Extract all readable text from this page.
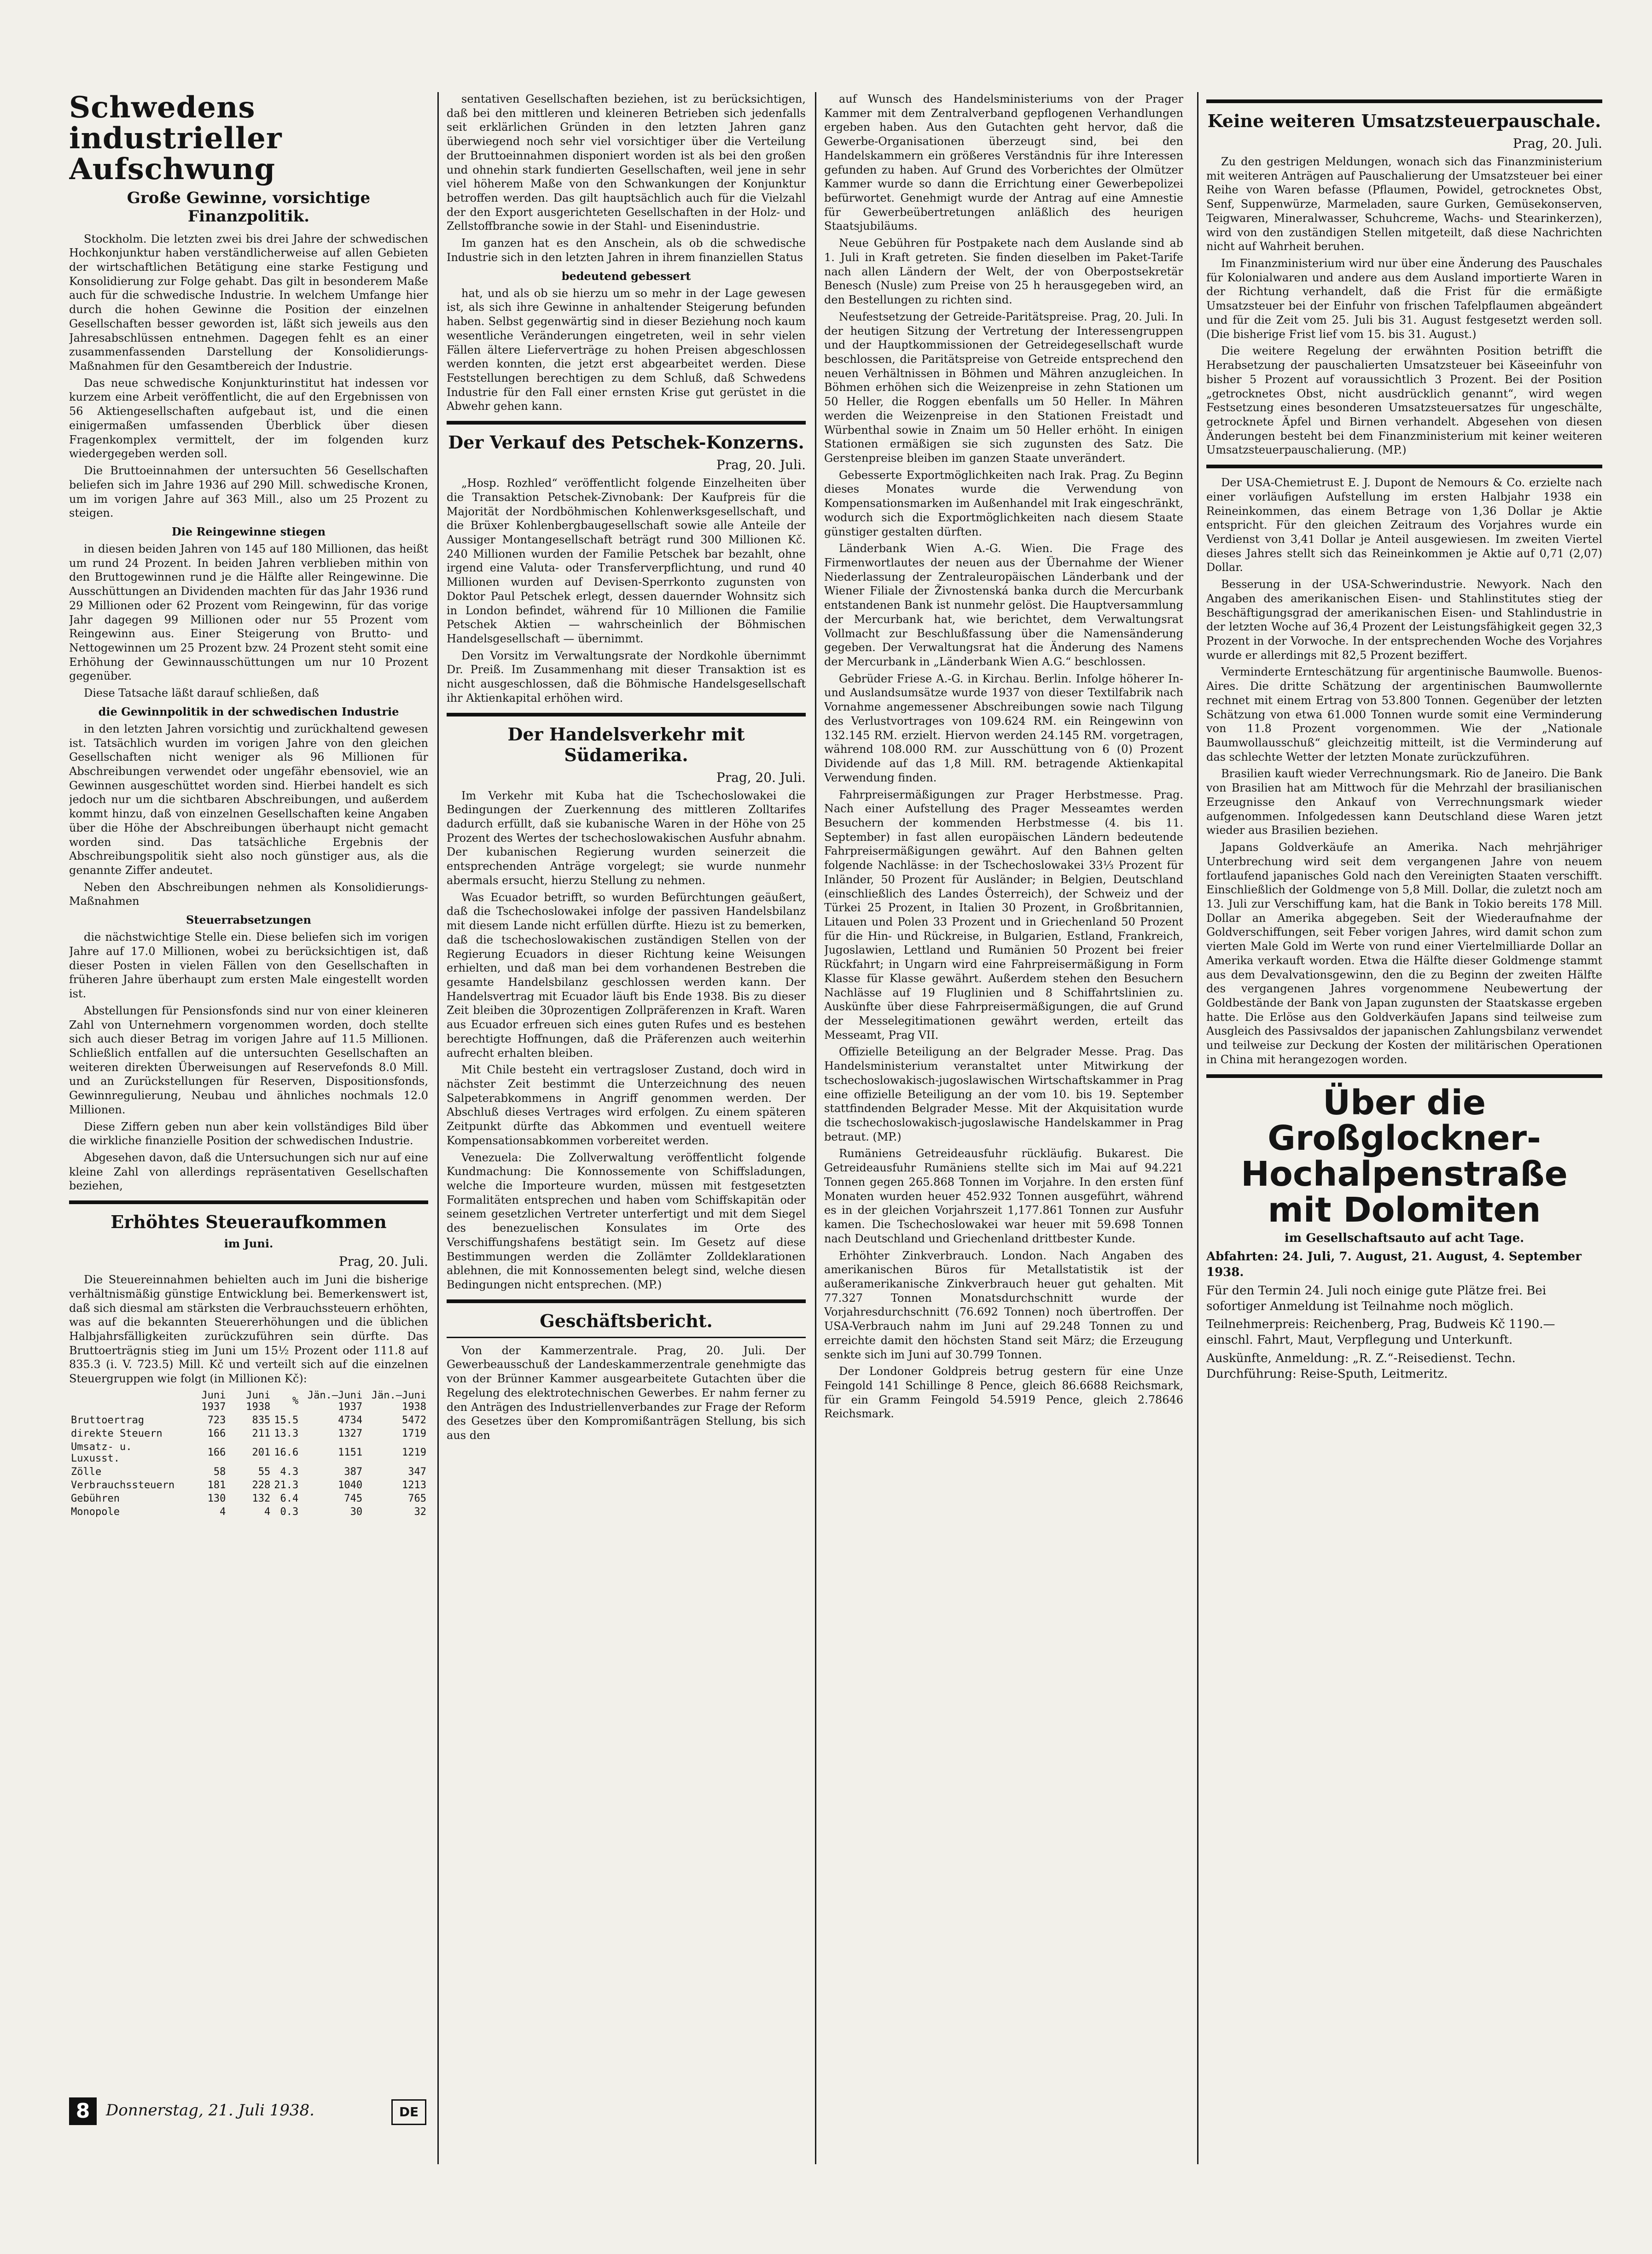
Schwedens industrieller Aufschwung
Große Gewinne, vorsichtige Finanzpolitik.

Stockholm. Die letzten zwei bis drei Jahre der schwedischen Hochkonjunktur haben verständlicherweise auf allen Gebieten der wirtschaftlichen Betätigung eine starke Festigung und Konsolidierung zur Folge gehabt. Das gilt in besonderem Maße auch für die schwedische Industrie. In welchem Umfange hier durch die hohen Gewinne die Position der einzelnen Gesellschaften besser geworden ist, läßt sich jeweils aus den Jahresabschlüssen entnehmen. Dagegen fehlt es an einer zusammenfassenden Darstellung der Konsolidierungs-Maßnahmen für den Gesamtbereich der Industrie.

Das neue schwedische Konjunkturinstitut hat indessen vor kurzem eine Arbeit veröffentlicht, die auf den Ergebnissen von 56 Aktiengesellschaften aufgebaut ist, und die einen einigermaßen umfassenden Überblick über diesen Fragenkomplex vermittelt, der im folgenden kurz wiedergegeben werden soll.

Die Bruttoeinnahmen der untersuchten 56 Gesellschaften beliefen sich im Jahre 1936 auf 290 Mill. schwedische Kronen, um im vorigen Jahre auf 363 Mill., also um 25 Prozent zu steigen.

Die Reingewinne stiegen

in diesen beiden Jahren von 145 auf 180 Millionen, das heißt um rund 24 Prozent. In beiden Jahren verblieben mithin von den Bruttogewinnen rund je die Hälfte aller Reingewinne. Die Ausschüttungen an Dividenden machten für das Jahr 1936 rund 29 Millionen oder 62 Prozent vom Reingewinn, für das vorige Jahr dagegen 99 Millionen oder nur 55 Prozent vom Reingewinn aus. Einer Steigerung von Brutto- und Nettogewinnen um 25 Prozent bzw. 24 Prozent steht somit eine Erhöhung der Gewinnausschüttungen um nur 10 Prozent gegenüber.

Diese Tatsache läßt darauf schließen, daß

die Gewinnpolitik in der schwedischen Industrie

in den letzten Jahren vorsichtig und zurückhaltend gewesen ist. Tatsächlich wurden im vorigen Jahre von den gleichen Gesellschaften nicht weniger als 96 Millionen für Abschreibungen verwendet oder ungefähr ebensoviel, wie an Gewinnen ausgeschüttet worden sind. Hierbei handelt es sich jedoch nur um die sichtbaren Abschreibungen, und außerdem kommt hinzu, daß von einzelnen Gesellschaften keine Angaben über die Höhe der Abschreibungen überhaupt nicht gemacht worden sind. Das tatsächliche Ergebnis der Abschreibungspolitik sieht also noch günstiger aus, als die genannte Ziffer andeutet.

Neben den Abschreibungen nehmen als Konsolidierungs-Maßnahmen

Steuerrabsetzungen

die nächstwichtige Stelle ein. Diese beliefen sich im vorigen Jahre auf 17.0 Millionen, wobei zu berücksichtigen ist, daß dieser Posten in vielen Fällen von den Gesellschaften in früheren Jahre überhaupt zum ersten Male eingestellt worden ist.

Abstellungen für Pensionsfonds sind nur von einer kleineren Zahl von Unternehmern vorgenommen worden, doch stellte sich auch dieser Betrag im vorigen Jahre auf 11.5 Millionen. Schließlich entfallen auf die untersuchten Gesellschaften an weiteren direkten Überweisungen auf Reservefonds 8.0 Mill. und an Zurückstellungen für Reserven, Dispositionsfonds, Gewinnregulierung, Neubau und ähnliches nochmals 12.0 Millionen.

Diese Ziffern geben nun aber kein vollständiges Bild über die wirkliche finanzielle Position der schwedischen Industrie.

Abgesehen davon, daß die Untersuchungen sich nur auf eine kleine Zahl von allerdings repräsentativen Gesellschaften beziehen,

Erhöhtes Steueraufkommen
im Juni.
Prag, 20. Juli.

Die Steuereinnahmen behielten auch im Juni die bisherige verhältnismäßig günstige Entwicklung bei. Bemerkenswert ist, daß sich diesmal am stärksten die Verbrauchssteuern erhöhten, was auf die bekannten Steuererhöhungen und die üblichen Halbjahrsfälligkeiten zurückzuführen sein dürfte. Das Bruttoerträgnis stieg im Juni um 15½ Prozent oder 111.8 auf 835.3 (i. V. 723.5) Mill. Kč und verteilt sich auf die einzelnen Steuergruppen wie folgt (in Millionen Kč):

	Juni 1937	Juni 1938	%	Jän.–Juni 1937	Jän.–Juni 1938
Bruttoertrag	723	835	15.5	4734	5472
direkte Steuern	166	211	13.3	1327	1719
Umsatz- u. Luxusst.	166	201	16.6	1151	1219
Zölle	58	55	4.3	387	347
Verbrauchssteuern	181	228	21.3	1040	1213
Gebühren	130	132	6.4	745	765
Monopole	4	4	0.3	30	32

sentativen Gesellschaften beziehen, ist zu berücksichtigen, daß bei den mittleren und kleineren Betrieben sich jedenfalls seit erklärlichen Gründen in den letzten Jahren ganz überwiegend noch sehr viel vorsichtiger über die Verteilung der Bruttoeinnahmen disponiert worden ist als bei den großen und ohnehin stark fundierten Gesellschaften, weil jene in sehr viel höherem Maße von den Schwankungen der Konjunktur betroffen werden. Das gilt hauptsächlich auch für die Vielzahl der den Export ausgerichteten Gesellschaften in der Holz- und Zellstoffbranche sowie in der Stahl- und Eisenindustrie.

Im ganzen hat es den Anschein, als ob die schwedische Industrie sich in den letzten Jahren in ihrem finanziellen Status

bedeutend gebessert

hat, und als ob sie hierzu um so mehr in der Lage gewesen ist, als sich ihre Gewinne in anhaltender Steigerung befunden haben. Selbst gegenwärtig sind in dieser Beziehung noch kaum wesentliche Veränderungen eingetreten, weil in sehr vielen Fällen ältere Lieferverträge zu hohen Preisen abgeschlossen werden konnten, die jetzt erst abgearbeitet werden. Diese Feststellungen berechtigen zu dem Schluß, daß Schwedens Industrie für den Fall einer ernsten Krise gut gerüstet in die Abwehr gehen kann.

Der Verkauf des Petschek-Konzerns.
Prag, 20. Juli.

„Hosp. Rozhled“ veröffentlicht folgende Einzelheiten über die Transaktion Petschek-Zivnobank: Der Kaufpreis für die Majorität der Nordböhmischen Kohlenwerksgesellschaft, und die Brüxer Kohlenbergbaugesellschaft sowie alle Anteile der Aussiger Montangesellschaft beträgt rund 300 Millionen Kč. 240 Millionen wurden der Familie Petschek bar bezahlt, ohne irgend eine Valuta- oder Transferverpflichtung, und rund 40 Millionen wurden auf Devisen-Sperrkonto zugunsten von Doktor Paul Petschek erlegt, dessen dauernder Wohnsitz sich in London befindet, während für 10 Millionen die Familie Petschek Aktien — wahrscheinlich der Böhmischen Handelsgesellschaft — übernimmt.

Den Vorsitz im Verwaltungsrate der Nordkohle übernimmt Dr. Preiß. Im Zusammenhang mit dieser Transaktion ist es nicht ausgeschlossen, daß die Böhmische Handelsgesellschaft ihr Aktienkapital erhöhen wird.

Der Handelsverkehr mit Südamerika.
Prag, 20. Juli.

Im Verkehr mit Kuba hat die Tschechoslowakei die Bedingungen der Zuerkennung des mittleren Zolltarifes dadurch erfüllt, daß sie kubanische Waren in der Höhe von 25 Prozent des Wertes der tschechoslowakischen Ausfuhr abnahm. Der kubanischen Regierung wurden seinerzeit die entsprechenden Anträge vorgelegt; sie wurde nunmehr abermals ersucht, hierzu Stellung zu nehmen.

Was Ecuador betrifft, so wurden Befürchtungen geäußert, daß die Tschechoslowakei infolge der passiven Handelsbilanz mit diesem Lande nicht erfüllen dürfte. Hiezu ist zu bemerken, daß die tschechoslowakischen zuständigen Stellen von der Regierung Ecuadors in dieser Richtung keine Weisungen erhielten, und daß man bei dem vorhandenen Bestreben die gesamte Handelsbilanz geschlossen werden kann. Der Handelsvertrag mit Ecuador läuft bis Ende 1938. Bis zu dieser Zeit bleiben die 30prozentigen Zollpräferenzen in Kraft. Waren aus Ecuador erfreuen sich eines guten Rufes und es bestehen berechtigte Hoffnungen, daß die Präferenzen auch weiterhin aufrecht erhalten bleiben.

Mit Chile besteht ein vertragsloser Zustand, doch wird in nächster Zeit bestimmt die Unterzeichnung des neuen Salpeterabkommens in Angriff genommen werden. Der Abschluß dieses Vertrages wird erfolgen. Zu einem späteren Zeitpunkt dürfte das Abkommen und eventuell weitere Kompensationsabkommen vorbereitet werden.

Venezuela: Die Zollverwaltung veröffentlicht folgende Kundmachung: Die Konnossemente von Schiffsladungen, welche die Importeure wurden, müssen mit festgesetzten Formalitäten entsprechen und haben vom Schiffskapitän oder seinem gesetzlichen Vertreter unterfertigt und mit dem Siegel des benezuelischen Konsulates im Orte des Verschiffungshafens bestätigt sein. Im Gesetz auf diese Bestimmungen werden die Zollämter Zolldeklarationen ablehnen, die mit Konnossementen belegt sind, welche diesen Bedingungen nicht entsprechen. (MP.)

Geschäftsbericht.

Von der Kammerzentrale. Prag, 20. Juli. Der Gewerbeausschuß der Landeskammerzentrale genehmigte das von der Brünner Kammer ausgearbeitete Gutachten über die Regelung des elektrotechnischen Gewerbes. Er nahm ferner zu den Anträgen des Industriellenverbandes zur Frage der Reform des Gesetzes über den Kompromißanträgen Stellung, bis sich aus den

auf Wunsch des Handelsministeriums von der Prager Kammer mit dem Zentralverband gepflogenen Verhandlungen ergeben haben. Aus den Gutachten geht hervor, daß die Gewerbe-Organisationen überzeugt sind, bei den Handelskammern ein größeres Verständnis für ihre Interessen gefunden zu haben. Auf Grund des Vorberichtes der Olmützer Kammer wurde so dann die Errichtung einer Gewerbepolizei befürwortet. Genehmigt wurde der Antrag auf eine Amnestie für Gewerbeübertretungen anläßlich des heurigen Staatsjubiläums.

Neue Gebühren für Postpakete nach dem Auslande sind ab 1. Juli in Kraft getreten. Sie finden dieselben im Paket-Tarife nach allen Ländern der Welt, der von Oberpostsekretär Benesch (Nusle) zum Preise von 25 h herausgegeben wird, an den Bestellungen zu richten sind.

Neufestsetzung der Getreide-Paritätspreise. Prag, 20. Juli. In der heutigen Sitzung der Vertretung der Interessengruppen und der Hauptkommissionen der Getreidegesellschaft wurde beschlossen, die Paritätspreise von Getreide entsprechend den neuen Verhältnissen in Böhmen und Mähren anzugleichen. In Böhmen erhöhen sich die Weizenpreise in zehn Stationen um 50 Heller, die Roggen ebenfalls um 50 Heller. In Mähren werden die Weizenpreise in den Stationen Freistadt und Würbenthal sowie in Znaim um 50 Heller erhöht. In einigen Stationen ermäßigen sie sich zugunsten des Satz. Die Gerstenpreise bleiben im ganzen Staate unverändert.

Gebesserte Exportmöglichkeiten nach Irak. Prag. Zu Beginn dieses Monates wurde die Verwendung von Kompensationsmarken im Außenhandel mit Irak eingeschränkt, wodurch sich die Exportmöglichkeiten nach diesem Staate günstiger gestalten dürften.

Länderbank Wien A.-G. Wien. Die Frage des Firmenwortlautes der neuen aus der Übernahme der Wiener Niederlassung der Zentraleuropäischen Länderbank und der Wiener Filiale der Živnostenská banka durch die Mercurbank entstandenen Bank ist nunmehr gelöst. Die Hauptversammlung der Mercurbank hat, wie berichtet, dem Verwaltungsrat Vollmacht zur Beschlußfassung über die Namensänderung gegeben. Der Verwaltungsrat hat die Änderung des Namens der Mercurbank in „Länderbank Wien A.G.“ beschlossen.

Gebrüder Friese A.-G. in Kirchau. Berlin. Infolge höherer In- und Auslandsumsätze wurde 1937 von dieser Textilfabrik nach Vornahme angemessener Abschreibungen sowie nach Tilgung des Verlustvortrages von 109.624 RM. ein Reingewinn von 132.145 RM. erzielt. Hiervon werden 24.145 RM. vorgetragen, während 108.000 RM. zur Ausschüttung von 6 (0) Prozent Dividende auf das 1,8 Mill. RM. betragende Aktienkapital Verwendung finden.

Fahrpreisermäßigungen zur Prager Herbstmesse. Prag. Nach einer Aufstellung des Prager Messeamtes werden Besuchern der kommenden Herbstmesse (4. bis 11. September) in fast allen europäischen Ländern bedeutende Fahrpreisermäßigungen gewährt. Auf den Bahnen gelten folgende Nachlässe: in der Tschechoslowakei 33⅓ Prozent für Inländer, 50 Prozent für Ausländer; in Belgien, Deutschland (einschließlich des Landes Österreich), der Schweiz und der Türkei 25 Prozent, in Italien 30 Prozent, in Großbritannien, Litauen und Polen 33 Prozent und in Griechenland 50 Prozent für die Hin- und Rückreise, in Bulgarien, Estland, Frankreich, Jugoslawien, Lettland und Rumänien 50 Prozent bei freier Rückfahrt; in Ungarn wird eine Fahrpreisermäßigung in Form Klasse für Klasse gewährt. Außerdem stehen den Besuchern Nachlässe auf 19 Fluglinien und 8 Schiffahrtslinien zu. Auskünfte über diese Fahrpreisermäßigungen, die auf Grund der Messelegitimationen gewährt werden, erteilt das Messeamt, Prag VII.

Offizielle Beteiligung an der Belgrader Messe. Prag. Das Handelsministerium veranstaltet unter Mitwirkung der tschechoslowakisch-jugoslawischen Wirtschaftskammer in Prag eine offizielle Beteiligung an der vom 10. bis 19. September stattfindenden Belgrader Messe. Mit der Akquisitation wurde die tschechoslowakisch-jugoslawische Handelskammer in Prag betraut. (MP.)

Rumäniens Getreideausfuhr rückläufig. Bukarest. Die Getreideausfuhr Rumäniens stellte sich im Mai auf 94.221 Tonnen gegen 265.868 Tonnen im Vorjahre. In den ersten fünf Monaten wurden heuer 452.932 Tonnen ausgeführt, während es in der gleichen Vorjahrszeit 1,177.861 Tonnen zur Ausfuhr kamen. Die Tschechoslowakei war heuer mit 59.698 Tonnen nach Deutschland und Griechenland drittbester Kunde.

Erhöhter Zinkverbrauch. London. Nach Angaben des amerikanischen Büros für Metallstatistik ist der außeramerikanische Zinkverbrauch heuer gut gehalten. Mit 77.327 Tonnen Monatsdurchschnitt wurde der Vorjahresdurchschnitt (76.692 Tonnen) noch übertroffen. Der USA-Verbrauch nahm im Juni auf 29.248 Tonnen zu und erreichte damit den höchsten Stand seit März; die Erzeugung senkte sich im Juni auf 30.799 Tonnen.

Der Londoner Goldpreis betrug gestern für eine Unze Feingold 141 Schillinge 8 Pence, gleich 86.6688 Reichsmark, für ein Gramm Feingold 54.5919 Pence, gleich 2.78646 Reichsmark.

Keine weiteren Umsatzsteuerpauschale.
Prag, 20. Juli.

Zu den gestrigen Meldungen, wonach sich das Finanzministerium mit weiteren Anträgen auf Pauschalierung der Umsatzsteuer bei einer Reihe von Waren befasse (Pflaumen, Powidel, getrocknetes Obst, Senf, Suppenwürze, Marmeladen, saure Gurken, Gemüsekonserven, Teigwaren, Mineralwasser, Schuhcreme, Wachs- und Stearinkerzen), wird von den zuständigen Stellen mitgeteilt, daß diese Nachrichten nicht auf Wahrheit beruhen.

Im Finanzministerium wird nur über eine Änderung des Pauschales für Kolonialwaren und andere aus dem Ausland importierte Waren in der Richtung verhandelt, daß die Frist für die ermäßigte Umsatzsteuer bei der Einfuhr von frischen Tafelpflaumen abgeändert und für die Zeit vom 25. Juli bis 31. August festgesetzt werden soll. (Die bisherige Frist lief vom 15. bis 31. August.)

Die weitere Regelung der erwähnten Position betrifft die Herabsetzung der pauschalierten Umsatzsteuer bei Käseeinfuhr von bisher 5 Prozent auf voraussichtlich 3 Prozent. Bei der Position „getrocknetes Obst, nicht ausdrücklich genannt“, wird wegen Festsetzung eines besonderen Umsatzsteuersatzes für ungeschälte, getrocknete Äpfel und Birnen verhandelt. Abgesehen von diesen Änderungen besteht bei dem Finanzministerium mit keiner weiteren Umsatzsteuerpauschalierung. (MP.)

Der USA-Chemietrust E. J. Dupont de Nemours & Co. erzielte nach einer vorläufigen Aufstellung im ersten Halbjahr 1938 ein Reineinkommen, das einem Betrage von 1,36 Dollar je Aktie entspricht. Für den gleichen Zeitraum des Vorjahres wurde ein Verdienst von 3,41 Dollar je Anteil ausgewiesen. Im zweiten Viertel dieses Jahres stellt sich das Reineinkommen je Aktie auf 0,71 (2,07) Dollar.

Besserung in der USA-Schwerindustrie. Newyork. Nach den Angaben des amerikanischen Eisen- und Stahlinstitutes stieg der Beschäftigungsgrad der amerikanischen Eisen- und Stahlindustrie in der letzten Woche auf 36,4 Prozent der Leistungsfähigkeit gegen 32,3 Prozent in der Vorwoche. In der entsprechenden Woche des Vorjahres wurde er allerdings mit 82,5 Prozent beziffert.

Verminderte Ernteschätzung für argentinische Baumwolle. Buenos-Aires. Die dritte Schätzung der argentinischen Baumwollernte rechnet mit einem Ertrag von 53.800 Tonnen. Gegenüber der letzten Schätzung von etwa 61.000 Tonnen wurde somit eine Verminderung von 11.8 Prozent vorgenommen. Wie der „Nationale Baumwollausschuß“ gleichzeitig mitteilt, ist die Verminderung auf das schlechte Wetter der letzten Monate zurückzuführen.

Brasilien kauft wieder Verrechnungsmark. Rio de Janeiro. Die Bank von Brasilien hat am Mittwoch für die Mehrzahl der brasilianischen Erzeugnisse den Ankauf von Verrechnungsmark wieder aufgenommen. Infolgedessen kann Deutschland diese Waren jetzt wieder aus Brasilien beziehen.

Japans Goldverkäufe an Amerika. Nach mehrjähriger Unterbrechung wird seit dem vergangenen Jahre von neuem fortlaufend japanisches Gold nach den Vereinigten Staaten verschifft. Einschließlich der Goldmenge von 5,8 Mill. Dollar, die zuletzt noch am 13. Juli zur Verschiffung kam, hat die Bank in Tokio bereits 178 Mill. Dollar an Amerika abgegeben. Seit der Wiederaufnahme der Goldverschiffungen, seit Feber vorigen Jahres, wird damit schon zum vierten Male Gold im Werte von rund einer Viertelmilliarde Dollar an Amerika verkauft worden. Etwa die Hälfte dieser Goldmenge stammt aus dem Devalvationsgewinn, den die zu Beginn der zweiten Hälfte des vergangenen Jahres vorgenommene Neubewertung der Goldbestände der Bank von Japan zugunsten der Staatskasse ergeben hatte. Die Erlöse aus den Goldverkäufen Japans sind teilweise zum Ausgleich des Passivsaldos der japanischen Zahlungsbilanz verwendet und teilweise zur Deckung der Kosten der militärischen Operationen in China mit herangezogen worden.

Über die
Großglockner-
Hochalpenstraße
mit Dolomiten
im Gesellschaftsauto auf acht Tage.
Abfahrten: 24. Juli, 7. August, 21. August, 4. September 1938.
Für den Termin 24. Juli noch einige gute Plätze frei. Bei sofortiger Anmeldung ist Teilnahme noch möglich.
Teilnehmerpreis: Reichenberg, Prag, Budweis Kč 1190.— einschl. Fahrt, Maut, Verpflegung und Unterkunft.
Auskünfte, Anmeldung: „R. Z.“-Reisedienst. Techn. Durchführung: Reise-Sputh, Leitmeritz.
8	Donnerstag, 21. Juli 1938.	DE
